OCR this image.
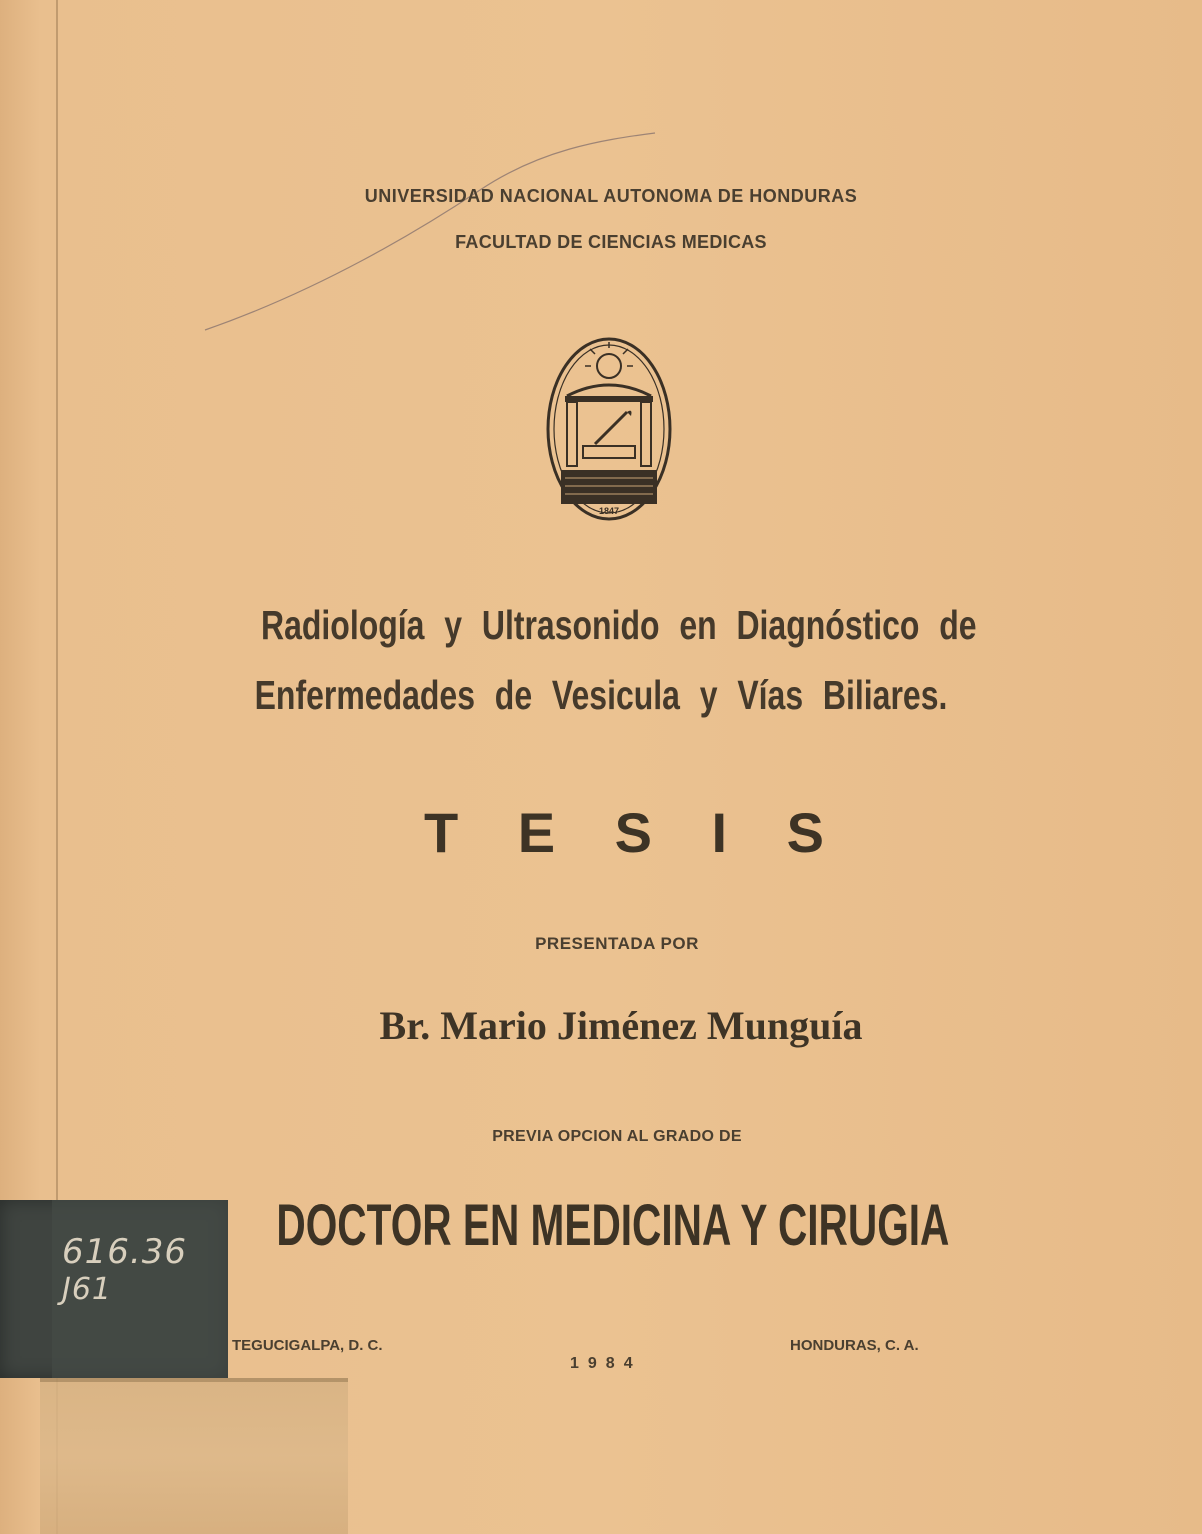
UNIVERSIDAD NACIONAL AUTONOMA DE HONDURAS
FACULTAD DE CIENCIAS MEDICAS
1847
Radiología y Ultrasonido en Diagnóstico de
Enfermedades de Vesicula y Vías Biliares.
T E S I S
PRESENTADA POR
Br. Mario Jiménez Munguía
PREVIA OPCION AL GRADO DE
DOCTOR EN MEDICINA Y CIRUGIA
616.36
J61
TEGUCIGALPA, D. C.
1984
HONDURAS, C. A.
